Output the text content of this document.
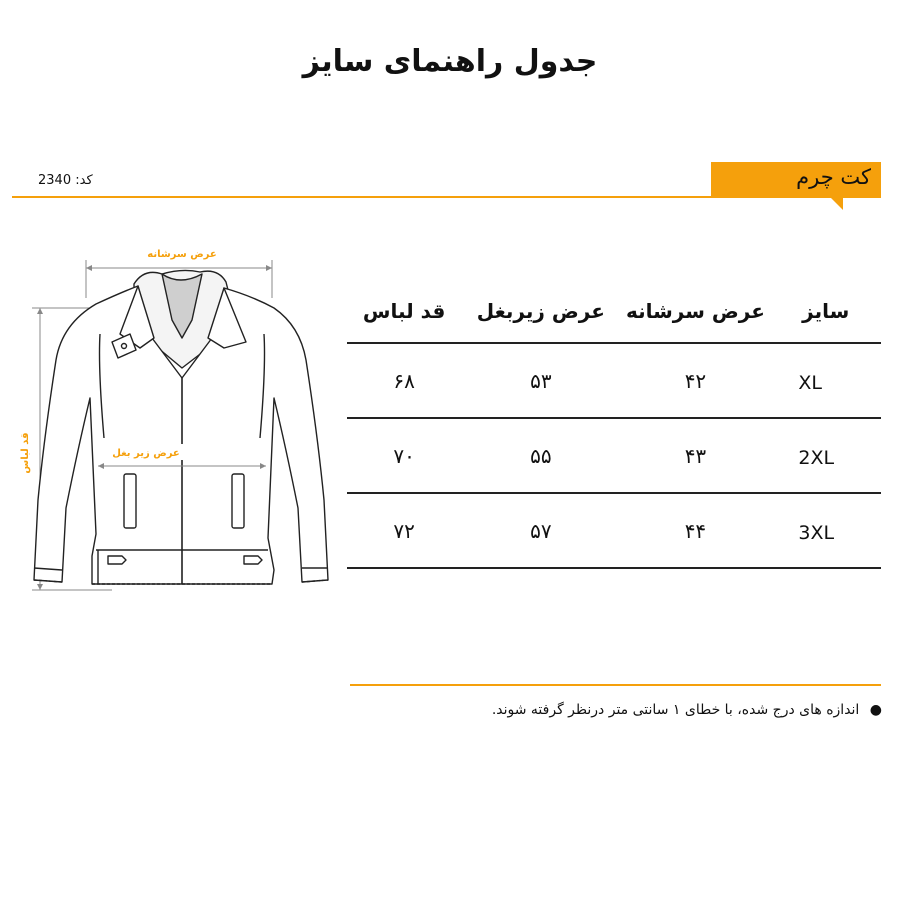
جدول راهنمای سایز
کت چرم
کد: 2340
عرض سرشانه
قد لباس	عرض زیر بغل
سایز	عرض سرشانه	عرض زیربغل	قد لباس
XL	۴۲	۵۳	۶۸
2XL	۴۳	۵۵	۷۰
3XL	۴۴	۵۷	۷۲
● اندازه های درج شده، با خطای ۱ سانتی متر درنظر گرفته شوند.
